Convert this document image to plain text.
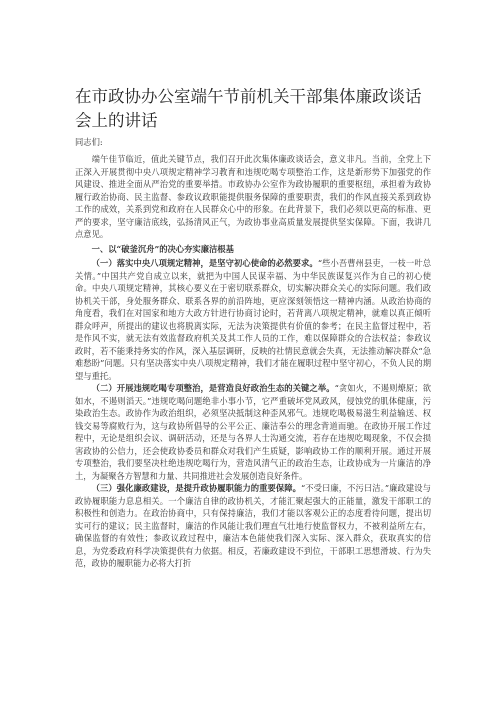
在市政协办公室端午节前机关干部集体廉政谈话会上的讲话
同志们:

端午佳节临近，值此关键节点，我们召开此次集体廉政谈话会，意义非凡。当前，全党上下正深入开展贯彻中央八项规定精神学习教育和违规吃喝专项整治工作，这是新形势下加强党的作风建设、推进全面从严治党的重要举措。市政协办公室作为政协履职的重要枢纽，承担着为政协履行政治协商、民主监督、参政议政职能提供服务保障的重要职责，我们的作风直接关系到政协工作的成效，关系到党和政府在人民群众心中的形象。在此背景下，我们必须以更高的标准、更严的要求，坚守廉洁底线，弘扬清风正气，为政协事业高质量发展提供坚实保障。下面，我讲几点意见。

一、以“破釜沉舟”的决心夯实廉洁根基

（一）落实中央八项规定精神，是坚守初心使命的必然要求。“些小吾曹州县吏，一枝一叶总关情。”中国共产党自成立以来，就把为中国人民谋幸福、为中华民族谋复兴作为自己的初心使命。中央八项规定精神，其核心要义在于密切联系群众，切实解决群众关心的实际问题。我们政协机关干部，身处服务群众、联系各界的前沿阵地，更应深刻领悟这一精神内涵。从政治协商的角度看，我们在对国家和地方大政方针进行协商讨论时，若背离八项规定精神，就难以真正倾听群众呼声，所提出的建议也将脱离实际，无法为决策提供有价值的参考；在民主监督过程中，若是作风不实，就无法有效监督政府机关及其工作人员的工作，难以保障群众的合法权益；参政议政时，若不能秉持务实的作风，深入基层调研，反映的社情民意就会失真，无法推动解决群众“急难愁盼”问题。只有坚决落实中央八项规定精神，我们才能在履职过程中坚守初心，不负人民的期望与重托。

（二）开展违规吃喝专项整治，是营造良好政治生态的关键之举。“贪如火，不遏则燎原；欲如水，不遏则滔天。”违规吃喝问题绝非小事小节，它严重破坏党风政风，侵蚀党的肌体健康，污染政治生态。政协作为政治组织，必须坚决抵制这种歪风邪气。违规吃喝极易滋生利益输送、权钱交易等腐败行为，这与政协所倡导的公平公正、廉洁奉公的理念背道而驰。在政协开展工作过程中，无论是组织会议、调研活动，还是与各界人士沟通交流，若存在违规吃喝现象，不仅会损害政协的公信力，还会使政协委员和群众对我们产生质疑，影响政协工作的顺利开展。通过开展专项整治，我们要坚决杜绝违规吃喝行为，营造风清气正的政治生态，让政协成为一片廉洁的净土，为凝聚各方智慧和力量、共同推进社会发展创造良好条件。

（三）强化廉政建设，是提升政协履职能力的重要保障。“不受曰廉，不污曰洁。”廉政建设与政协履职能力息息相关。一个廉洁自律的政协机关，才能汇聚起强大的正能量，激发干部职工的积极性和创造力。在政治协商中，只有保持廉洁，我们才能以客观公正的态度看待问题，提出切实可行的建议；民主监督时，廉洁的作风能让我们理直气壮地行使监督权力，不被利益所左右，确保监督的有效性；参政议政过程中，廉洁本色能使我们深入实际、深入群众，获取真实的信息，为党委政府科学决策提供有力依据。相反，若廉政建设不到位，干部职工思想滑坡、行为失范，政协的履职能力必将大打折
